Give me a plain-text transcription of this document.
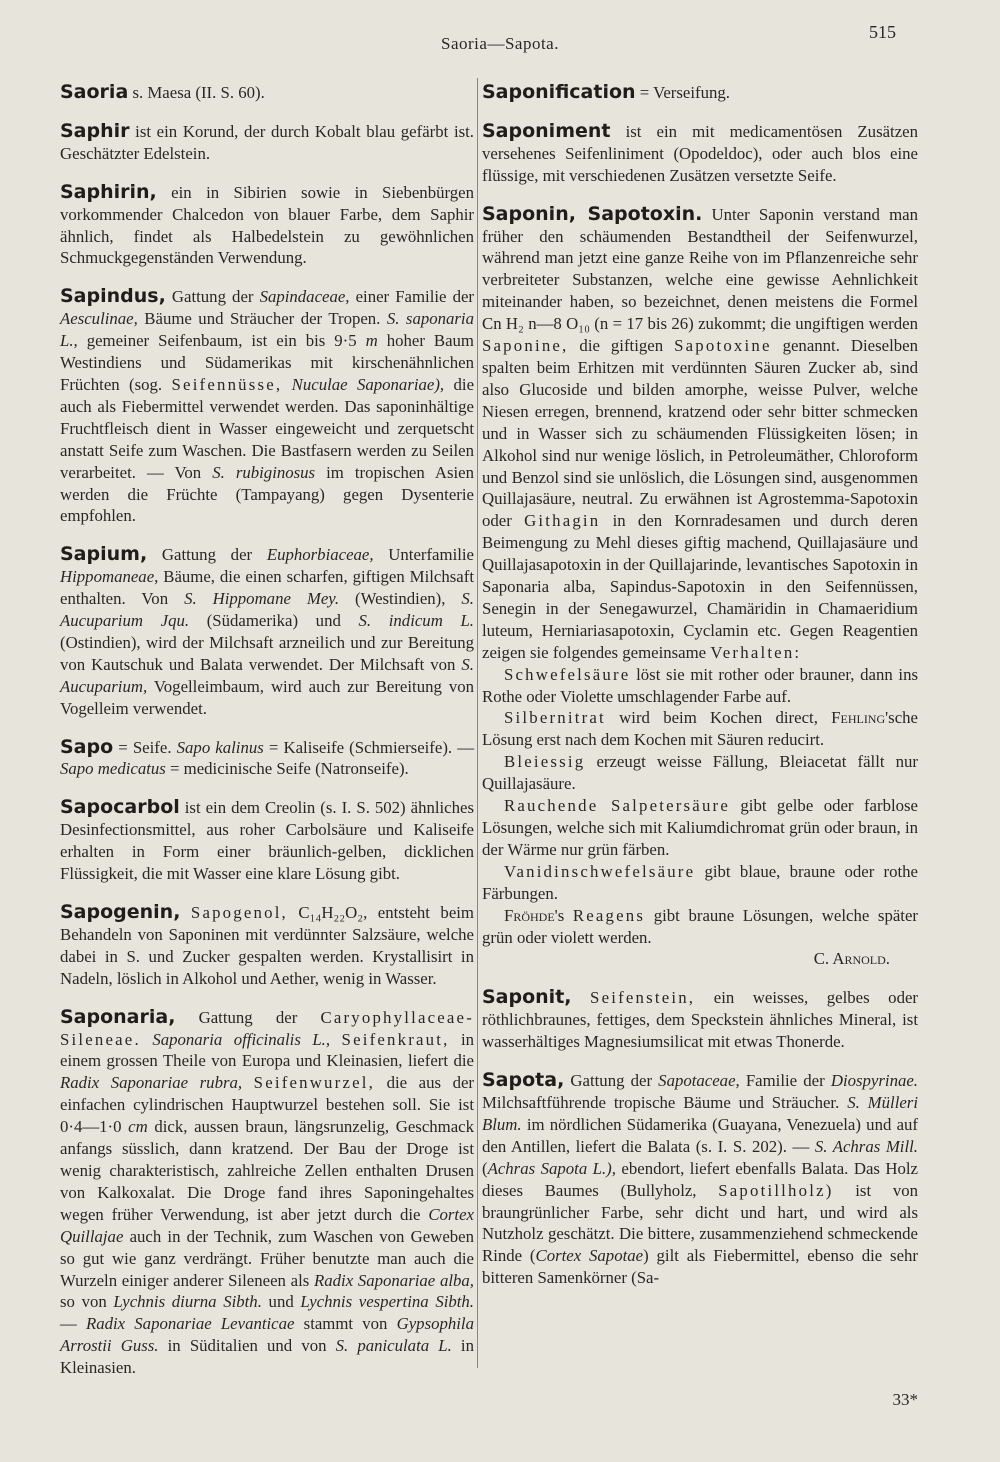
Saoria—Sapota.
515

Saoria s. Maesa (II. S. 60).

Saphir ist ein Korund, der durch Kobalt blau gefärbt ist. Geschätzter Edelstein.

Saphirin, ein in Sibirien sowie in Siebenbürgen vorkommender Chalcedon von blauer Farbe, dem Saphir ähnlich, findet als Halbedelstein zu gewöhnlichen Schmuckgegenständen Verwendung.

Sapindus, Gattung der Sapindaceae, einer Familie der Aesculinae, Bäume und Sträucher der Tropen. S. saponaria L., gemeiner Seifenbaum, ist ein bis 9·5 m hoher Baum Westindiens und Südamerikas mit kirschenähnlichen Früchten (sog. Seifennüsse, Nuculae Saponariae), die auch als Fiebermittel verwendet werden. Das saponinhältige Fruchtfleisch dient in Wasser eingeweicht und zerquetscht anstatt Seife zum Waschen. Die Bastfasern werden zu Seilen verarbeitet. — Von S. rubiginosus im tropischen Asien werden die Früchte (Tampayang) gegen Dysenterie empfohlen.

Sapium, Gattung der Euphorbiaceae, Unterfamilie Hippomaneae, Bäume, die einen scharfen, giftigen Milchsaft enthalten. Von S. Hippomane Mey. (Westindien), S. Aucuparium Jqu. (Südamerika) und S. indicum L. (Ostindien), wird der Milchsaft arzneilich und zur Bereitung von Kautschuk und Balata verwendet. Der Milchsaft von S. Aucuparium, Vogelleimbaum, wird auch zur Bereitung von Vogelleim verwendet.

Sapo = Seife. Sapo kalinus = Kaliseife (Schmierseife). — Sapo medicatus = medicinische Seife (Natronseife).

Sapocarbol ist ein dem Creolin (s. I. S. 502) ähnliches Desinfectionsmittel, aus roher Carbolsäure und Kaliseife erhalten in Form einer bräunlich-gelben, dicklichen Flüssigkeit, die mit Wasser eine klare Lösung gibt.

Sapogenin, Sapogenol, C₁₄H₂₂O₂, entsteht beim Behandeln von Saponinen mit verdünnter Salzsäure, welche dabei in S. und Zucker gespalten werden. Krystallisirt in Nadeln, löslich in Alkohol und Aether, wenig in Wasser.

Saponaria, Gattung der Caryophyllaceae-Sileneae. Saponaria officinalis L., Seifenkraut, in einem grossen Theile von Europa und Kleinasien, liefert die Radix Saponariae rubra, Seifenwurzel, die aus der einfachen cylindrischen Hauptwurzel bestehen soll. Sie ist 0·4—1·0 cm dick, aussen braun, längsrunzelig, Geschmack anfangs süsslich, dann kratzend. Der Bau der Droge ist wenig charakteristisch, zahlreiche Zellen enthalten Drusen von Kalkoxalat. Die Droge fand ihres Saponingehaltes wegen früher Verwendung, ist aber jetzt durch die Cortex Quillajae auch in der Technik, zum Waschen von Geweben so gut wie ganz verdrängt. Früher benutzte man auch die Wurzeln einiger anderer Sileneen als Radix Saponariae alba, so von Lychnis diurna Sibth. und Lychnis vespertina Sibth. — Radix Saponariae Levanticae stammt von Gypsophila Arrostii Guss. in Süditalien und von S. paniculata L. in Kleinasien.

Saponification = Verseifung.

Saponiment ist ein mit medicamentösen Zusätzen versehenes Seifenliniment (Opodeldoc), oder auch blos eine flüssige, mit verschiedenen Zusätzen versetzte Seife.

Saponin, Sapotoxin. Unter Saponin verstand man früher den schäumenden Bestandtheil der Seifenwurzel, während man jetzt eine ganze Reihe von im Pflanzenreiche sehr verbreiteter Substanzen, welche eine gewisse Aehnlichkeit miteinander haben, so bezeichnet, denen meistens die Formel Cn H₂ n—8 O₁₀ (n = 17 bis 26) zukommt; die ungiftigen werden Saponine, die giftigen Sapotoxine genannt. Dieselben spalten beim Erhitzen mit verdünnten Säuren Zucker ab, sind also Glucoside und bilden amorphe, weisse Pulver, welche Niesen erregen, brennend, kratzend oder sehr bitter schmecken und in Wasser sich zu schäumenden Flüssigkeiten lösen; in Alkohol sind nur wenige löslich, in Petroleumäther, Chloroform und Benzol sind sie unlöslich, die Lösungen sind, ausgenommen Quillajasäure, neutral. Zu erwähnen ist Agrostemma-Sapotoxin oder Githagin in den Kornradesamen und durch deren Beimengung zu Mehl dieses giftig machend, Quillajasäure und Quillajasapotoxin in der Quillajarinde, levantisches Sapotoxin in Saponaria alba, Sapindus-Sapotoxin in den Seifennüssen, Senegin in der Senegawurzel, Chamäridin in Chamaeridium luteum, Herniariasapotoxin, Cyclamin etc. Gegen Reagentien zeigen sie folgendes gemeinsame Verhalten:

Schwefelsäure löst sie mit rother oder brauner, dann ins Rothe oder Violette umschlagender Farbe auf.

Silbernitrat wird beim Kochen direct, Fehling'sche Lösung erst nach dem Kochen mit Säuren reducirt.

Bleiessig erzeugt weisse Fällung, Bleiacetat fällt nur Quillajasäure.

Rauchende Salpetersäure gibt gelbe oder farblose Lösungen, welche sich mit Kaliumdichromat grün oder braun, in der Wärme nur grün färben.

Vanidinschwefelsäure gibt blaue, braune oder rothe Färbungen.

Fröhde's Reagens gibt braune Lösungen, welche später grün oder violett werden.

C. Arnold.

Saponit, Seifenstein, ein weisses, gelbes oder röthlichbraunes, fettiges, dem Speckstein ähnliches Mineral, ist wasserhältiges Magnesiumsilicat mit etwas Thonerde.

Sapota, Gattung der Sapotaceae, Familie der Diospyrinae. Milchsaftführende tropische Bäume und Sträucher. S. Mülleri Blum. im nördlichen Südamerika (Guayana, Venezuela) und auf den Antillen, liefert die Balata (s. I. S. 202). — S. Achras Mill. (Achras Sapota L.), ebendort, liefert ebenfalls Balata. Das Holz dieses Baumes (Bullyholz, Sapotillholz) ist von braungrünlicher Farbe, sehr dicht und hart, und wird als Nutzholz geschätzt. Die bittere, zusammenziehend schmeckende Rinde (Cortex Sapotae) gilt als Fiebermittel, ebenso die sehr bitteren Samenkörner (Sa-

33*
